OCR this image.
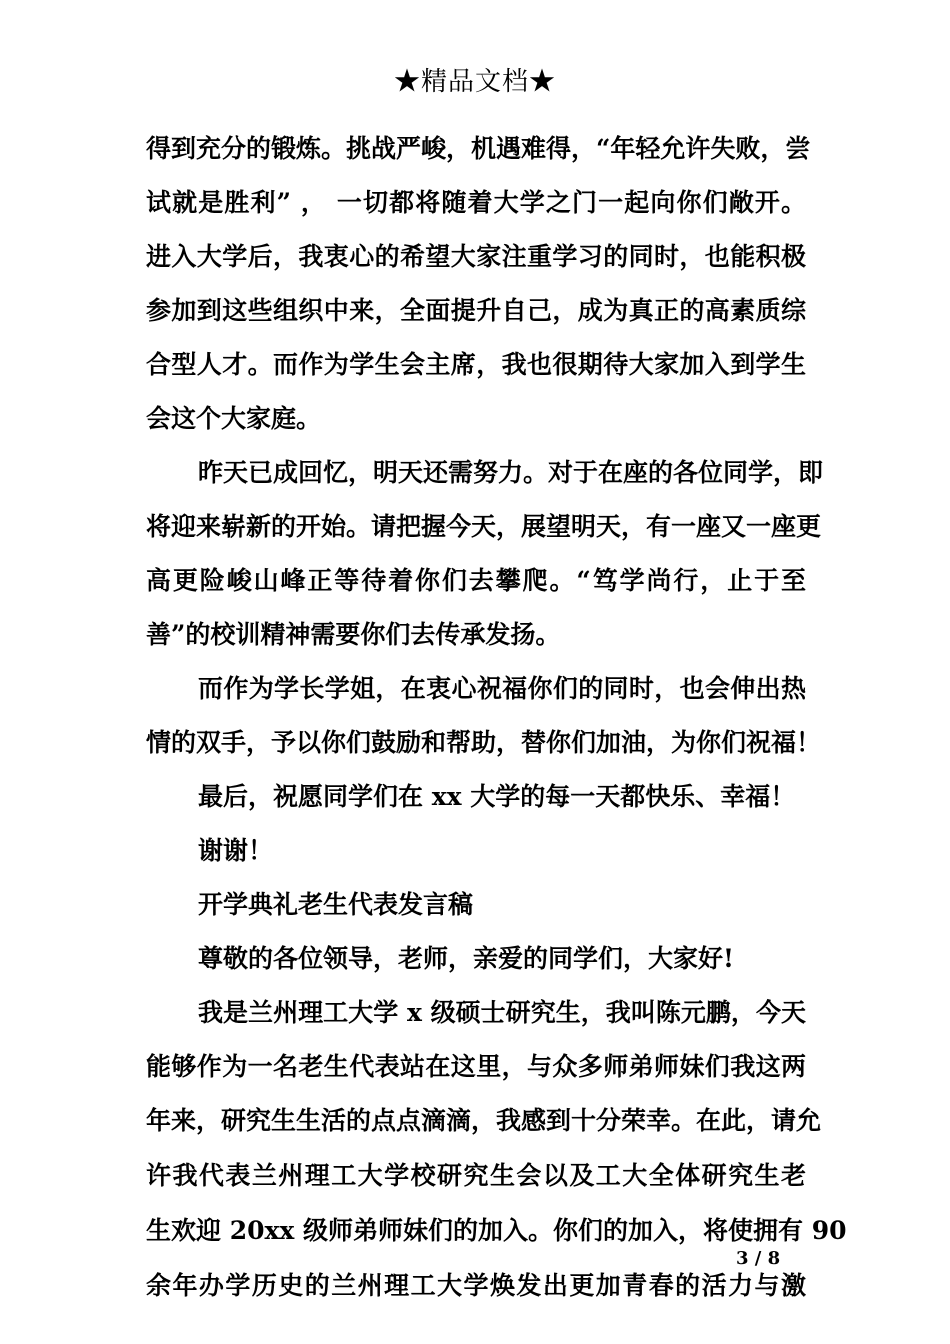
★精品文档★
得到充分的锻炼。挑战严峻，机遇难得，“年轻允许失败，尝
试就是胜利” ， 一切都将随着大学之门一起向你们敞开。
进入大学后，我衷心的希望大家注重学习的同时，也能积极
参加到这些组织中来，全面提升自己，成为真正的高素质综
合型人才。而作为学生会主席，我也很期待大家加入到学生
会这个大家庭。
昨天已成回忆，明天还需努力。对于在座的各位同学，即
将迎来崭新的开始。请把握今天，展望明天，有一座又一座更
高更险峻山峰正等待着你们去攀爬。“笃学尚行，止于至
善”的校训精神需要你们去传承发扬。
而作为学长学姐，在衷心祝福你们的同时，也会伸出热
情的双手，予以你们鼓励和帮助，替你们加油，为你们祝福！
最后，祝愿同学们在 xx 大学的每一天都快乐、幸福！
谢谢！
开学典礼老生代表发言稿
尊敬的各位领导，老师，亲爱的同学们，大家好!
我是兰州理工大学 x 级硕士研究生，我叫陈元鹏，今天
能够作为一名老生代表站在这里，与众多师弟师妹们我这两
年来，研究生生活的点点滴滴，我感到十分荣幸。在此，请允
许我代表兰州理工大学校研究生会以及工大全体研究生老
生欢迎 20xx 级师弟师妹们的加入。你们的加入，将使拥有 90
余年办学历史的兰州理工大学焕发出更加青春的活力与激
3 / 8
